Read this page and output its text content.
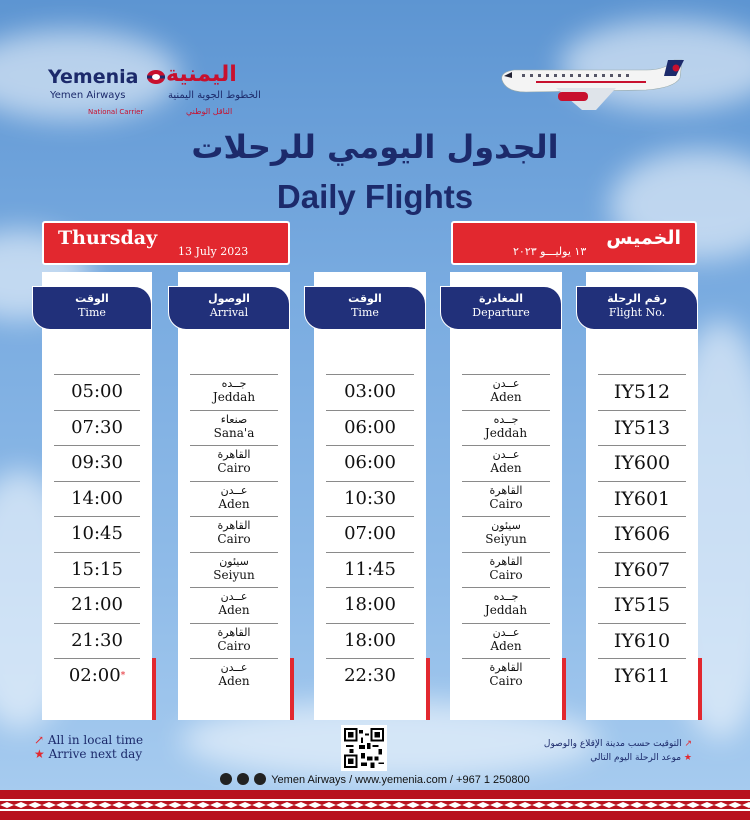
Yemenia اليمنية
Yemen Airways	الخطوط الجوية اليمنية
National Carrier	الناقل الوطني
الجدول اليومي للرحلات
Daily Flights
Thursday
13 July 2023
الخميس
١٣ يوليـــو ٢٠٢٣
الوقت
Time
05:00
07:30
09:30
14:00
10:45
15:15
21:00
21:30
02:00*
الوصول
Arrival
جــده
Jeddah
صنعاء
Sana'a
القاهرة
Cairo
عــدن
Aden
القاهرة
Cairo
سيئون
Seiyun
عــدن
Aden
القاهرة
Cairo
عــدن
Aden
الوقت
Time
03:00
06:00
06:00
10:30
07:00
11:45
18:00
18:00
22:30
المغادرة
Departure
عــدن
Aden
جــده
Jeddah
عــدن
Aden
القاهرة
Cairo
سيئون
Seiyun
القاهرة
Cairo
جــده
Jeddah
عــدن
Aden
القاهرة
Cairo
رقم الرحلة
Flight No.
IY512
IY513
IY600
IY601
IY606
IY607
IY515
IY610
IY611
↗ All in local time
★ Arrive next day
↗ التوقيت حسب مدينة الإقلاع والوصول
★ موعد الرحلة اليوم التالي
Yemen Airways / www.yemenia.com / +967 1 250800
